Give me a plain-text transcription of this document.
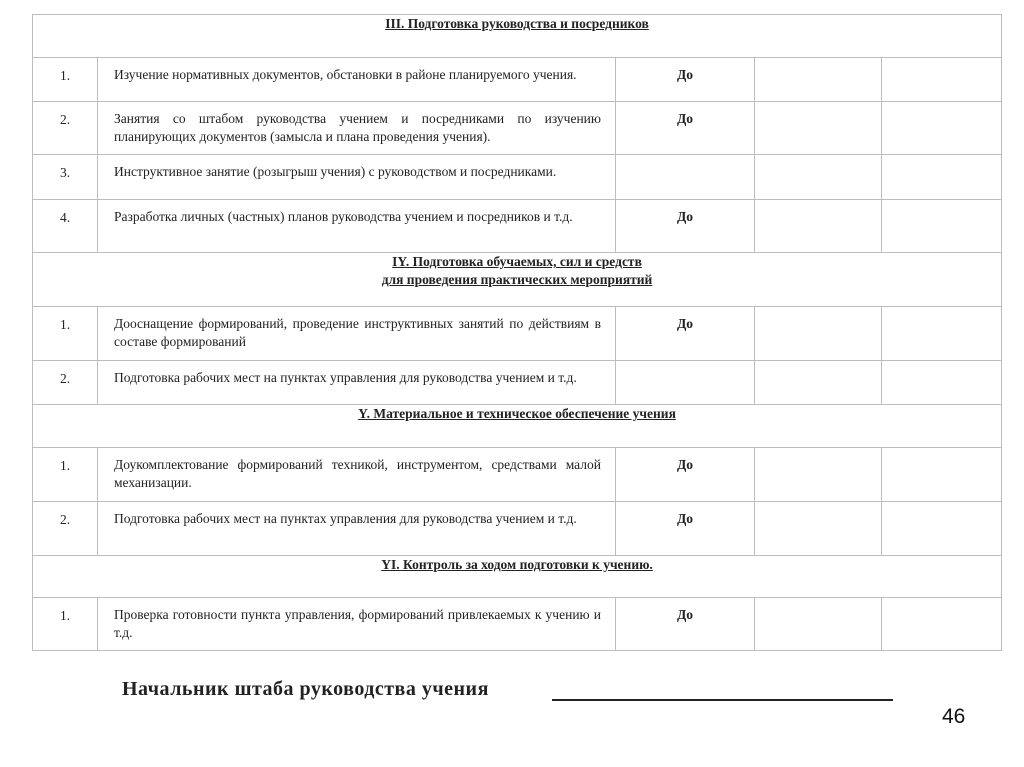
III. Подготовка руководства и посредников				
1.	Изучение нормативных документов, обстановки в районе планируемого учения.	До		
2.	Занятия со штабом руководства учением и посредниками по изучению планирующих документов (замысла и плана проведения учения).	До		
3.	Инструктивное занятие (розыгрыш учения) с руководством и посредниками.			
4.	Разработка личных (частных) планов руководства учением и посредников и т.д.	До		

IY. Подготовка обучаемых, сил и средств
для проведения практических мероприятий				

1.	Дооснащение формирований, проведение инструктивных занятий по действиям в составе формирований	До		
2.	Подготовка рабочих мест на пунктах управления для руководства учением и т.д.			
Y. Материальное и техническое обеспечение учения				
1.	Доукомплектование формирований техникой, инструментом, средствами малой механизации.	До		
2.	Подготовка рабочих мест на пунктах управления для руководства учением и т.д.	До		
YI. Контроль за ходом подготовки к учению.				
1.	Проверка готовности пункта управления, формирований привлекаемых к учению и т.д.	До		
Начальник штаба руководства учения
46
